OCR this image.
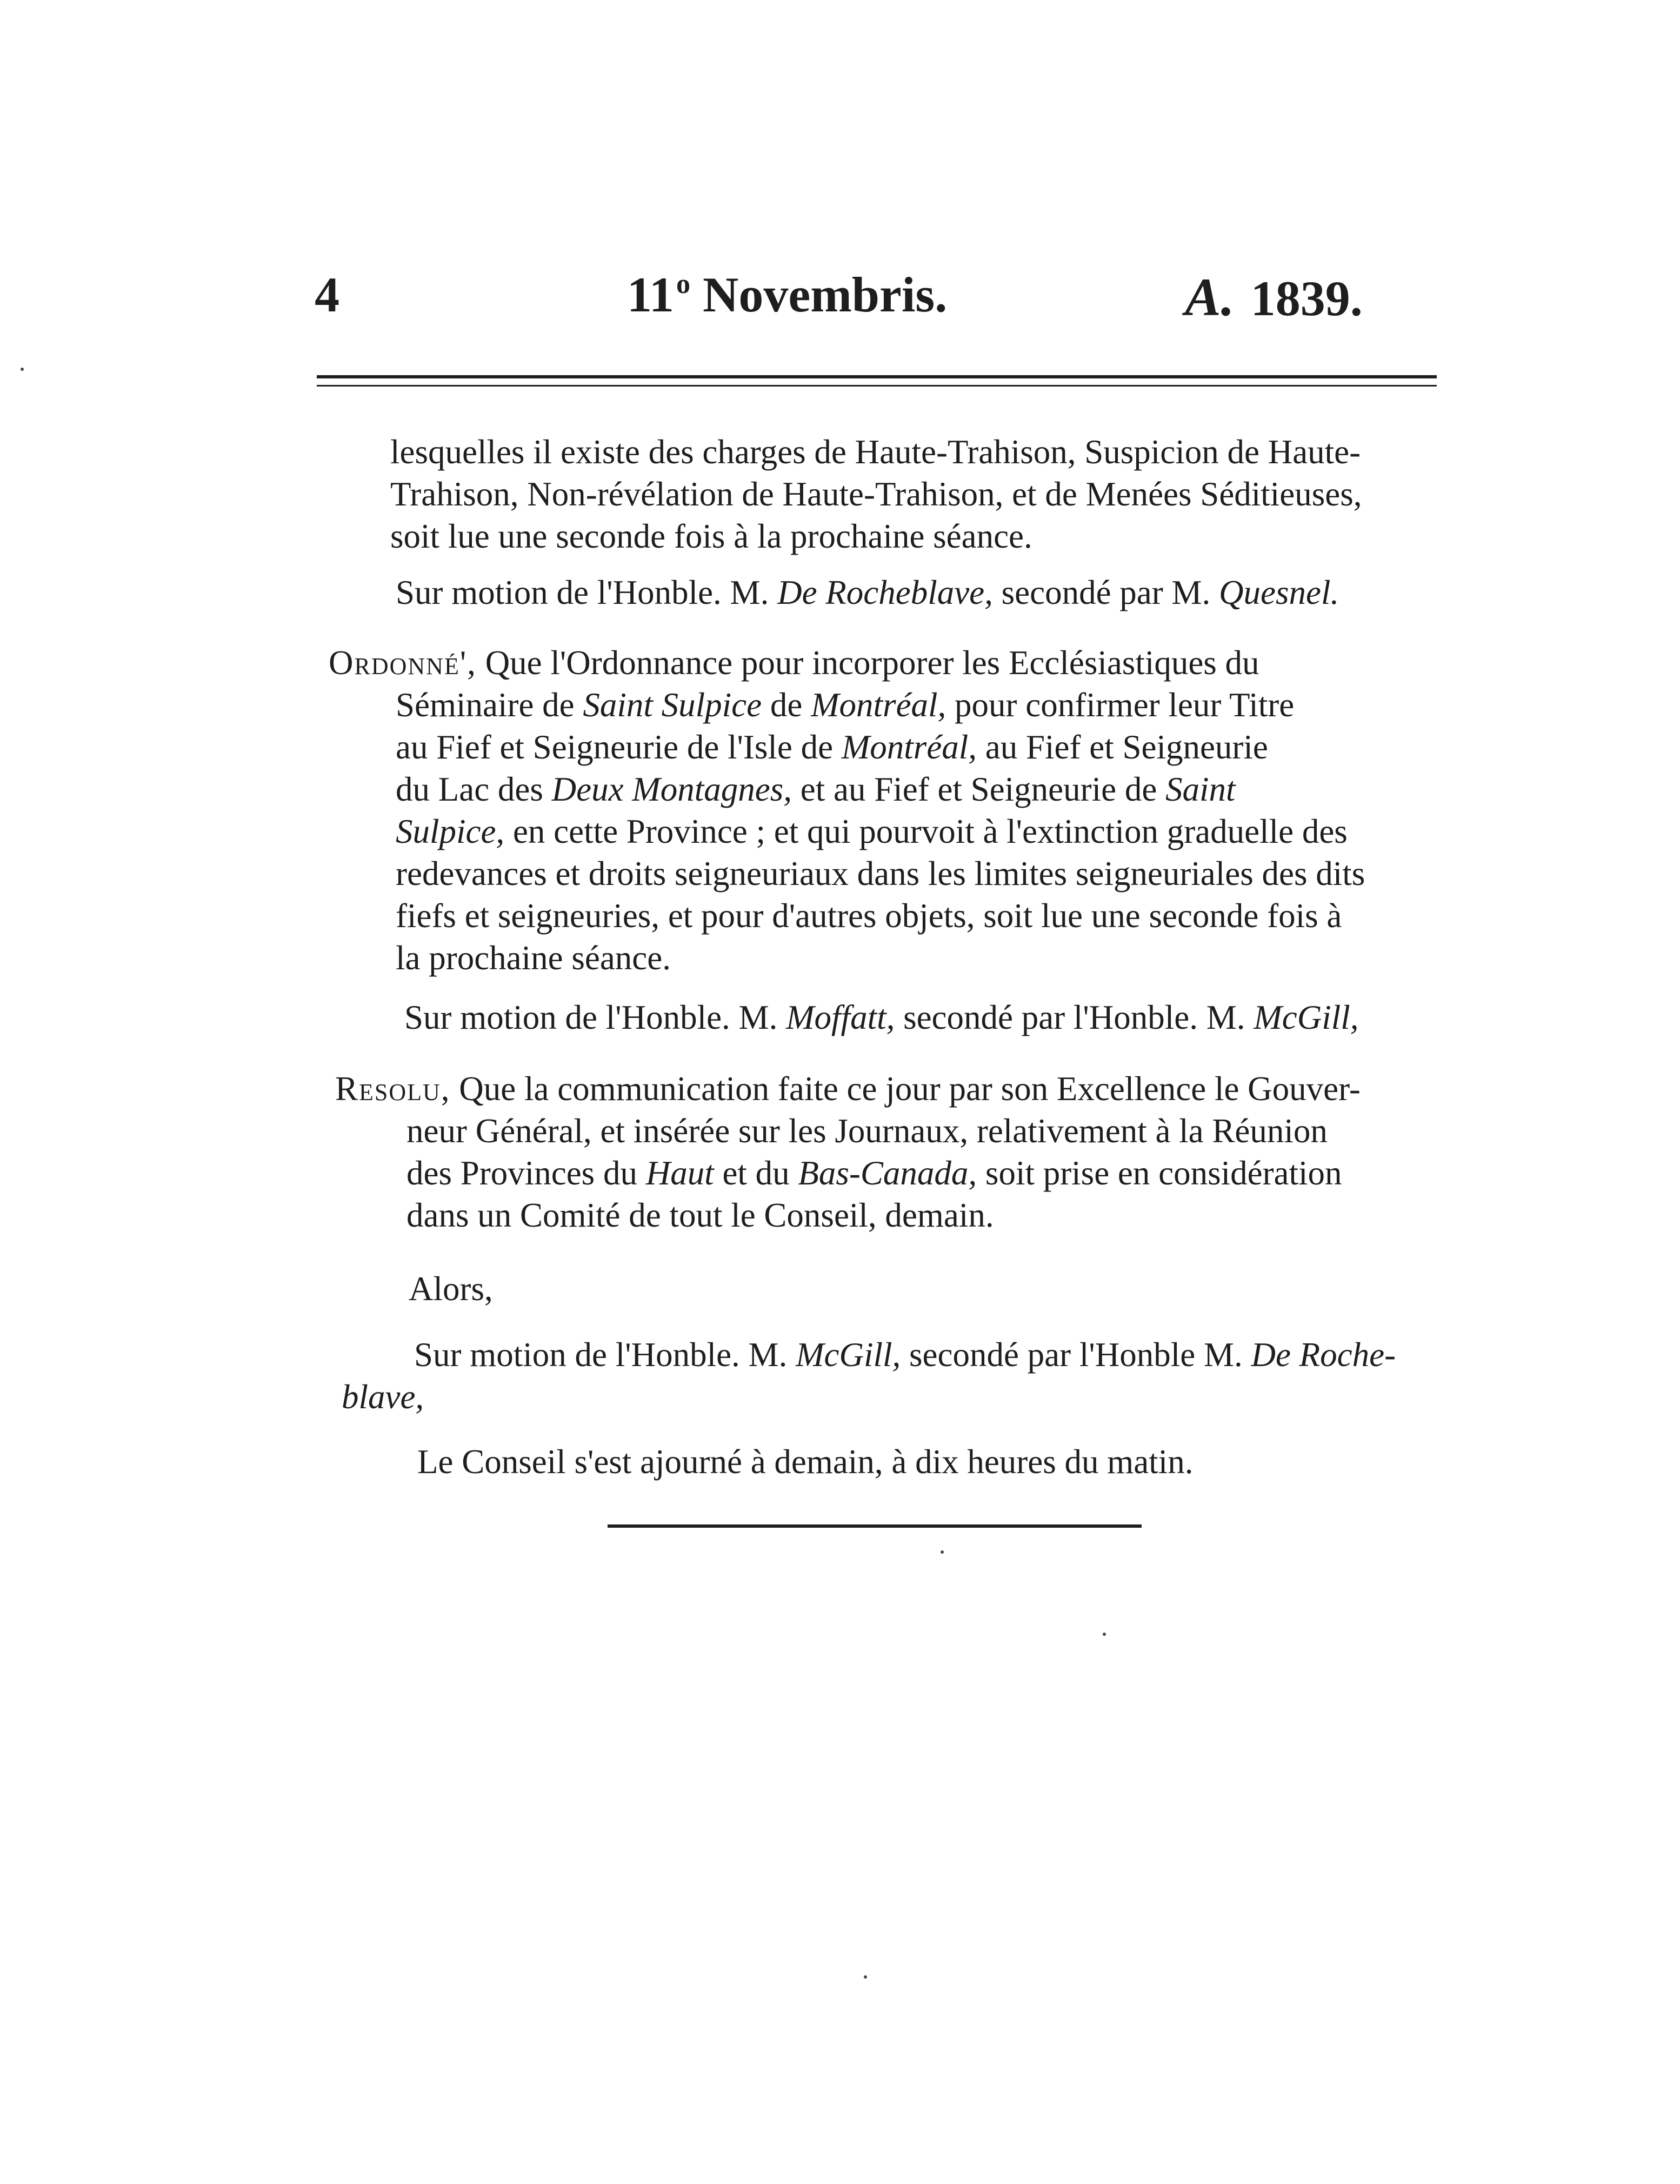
4	11$^o$ Novembris.	A. 1839.
lesquelles il existe des charges de Haute-Trahison, Suspicion de Haute-
Trahison, Non-révélation de Haute-Trahison, et de Menées Séditieuses,
soit lue une seconde fois à la prochaine séance.
Sur motion de l'Honble. M. De Rocheblave, secondé par M. Quesnel.
Ordonné', Que l'Ordonnance pour incorporer les Ecclésiastiques du
Séminaire de Saint Sulpice de Montréal, pour confirmer leur Titre
au Fief et Seigneurie de l'Isle de Montréal, au Fief et Seigneurie
du Lac des Deux Montagnes, et au Fief et Seigneurie de Saint
Sulpice, en cette Province ; et qui pourvoit à l'extinction graduelle des
redevances et droits seigneuriaux dans les limites seigneuriales des dits
fiefs et seigneuries, et pour d'autres objets, soit lue une seconde fois à
la prochaine séance.
Sur motion de l'Honble. M. Moffatt, secondé par l'Honble. M. McGill,
Resolu, Que la communication faite ce jour par son Excellence le Gouver-
neur Général, et insérée sur les Journaux, relativement à la Réunion
des Provinces du Haut et du Bas-Canada, soit prise en considération
dans un Comité de tout le Conseil, demain.
Alors,
Sur motion de l'Honble. M. McGill, secondé par l'Honble M. De Roche-
blave,
Le Conseil s'est ajourné à demain, à dix heures du matin.
